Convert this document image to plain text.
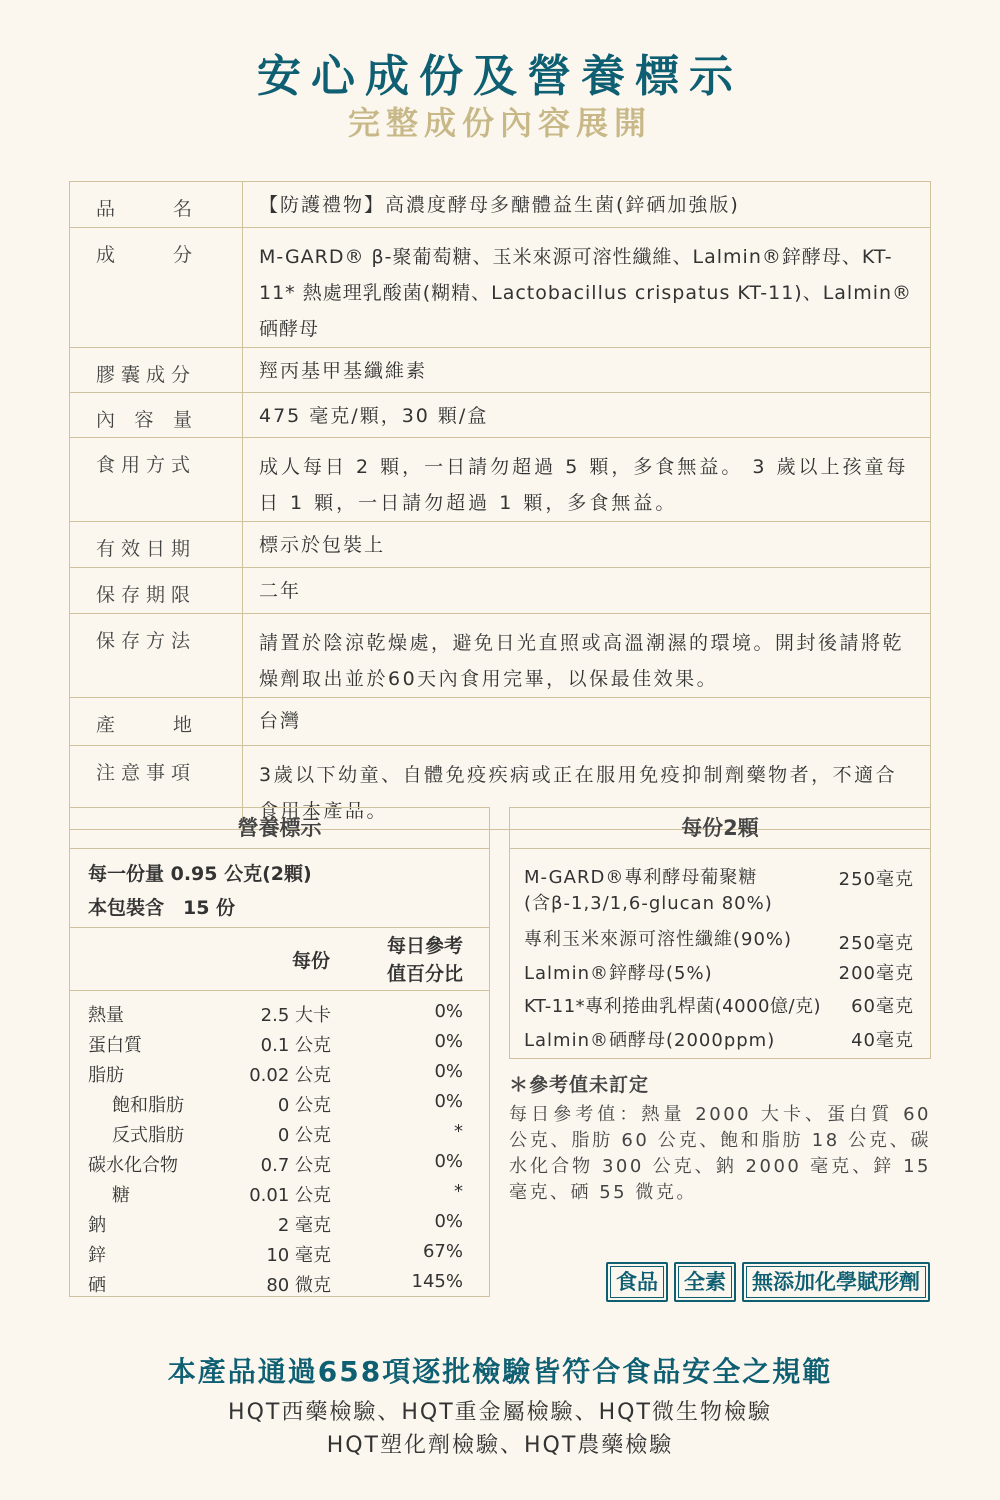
安心成份及營養標示
完整成份內容展開
品 名	【防護禮物】高濃度酵母多醣體益生菌(鋅硒加強版)

成 分	M-GARD® β-聚葡萄糖、玉米來源可溶性纖維、Lalmin®鋅酵母、KT-11* 熱處理乳酸菌(糊精、Lactobacillus crispatus KT-11)、Lalmin®硒酵母
膠囊成分	羥丙基甲基纖維素

內 容 量	475 毫克/顆，30 顆/盒
食用方式	成人每日 2 顆，一日請勿超過 5 顆，多食無益。 3 歲以上孩童每日 1 顆，一日請勿超過 1 顆，多食無益。
有效日期	標示於包裝上
保存期限	二年
保存方法	請置於陰涼乾燥處，避免日光直照或高溫潮濕的環境。開封後請將乾燥劑取出並於60天內食用完畢，以保最佳效果。

產 地	台灣
注意事項	3歲以下幼童、自體免疫疾病或正在服用免疫抑制劑藥物者，不適合食用本產品。
營養標示
每一份量 0.95 公克(2顆)
本包裝含　15 份
每份
每日參考
值百分比
熱量	2.5 大卡	0%
蛋白質	0.1 公克	0%
脂肪	0.02 公克	0%
飽和脂肪	0 公克	0%
反式脂肪	0 公克	*
碳水化合物	0.7 公克	0%
糖	0.01 公克	*
鈉	2 毫克	0%
鋅	10 毫克	67%
硒	80 微克	145%
每份2顆
M-GARD®專利酵母葡聚糖
(含β-1,3/1,6-glucan 80%)
250毫克
專利玉米來源可溶性纖維(90%)	250毫克
Lalmin®鋅酵母(5%)	200毫克
KT-11*專利捲曲乳桿菌(4000億/克) 60毫克
Lalmin®硒酵母(2000ppm)	40毫克
＊參考值未訂定
每日參考值：熱量 2000 大卡、蛋白質 60 公克、脂肪 60 公克、飽和脂肪 18 公克、碳水化合物 300 公克、鈉 2000 毫克、鋅 15 毫克、硒 55 微克。
食品	全素	無添加化學賦形劑
本產品通過658項逐批檢驗皆符合食品安全之規範
HQT西藥檢驗、HQT重金屬檢驗、HQT微生物檢驗
HQT塑化劑檢驗、HQT農藥檢驗
